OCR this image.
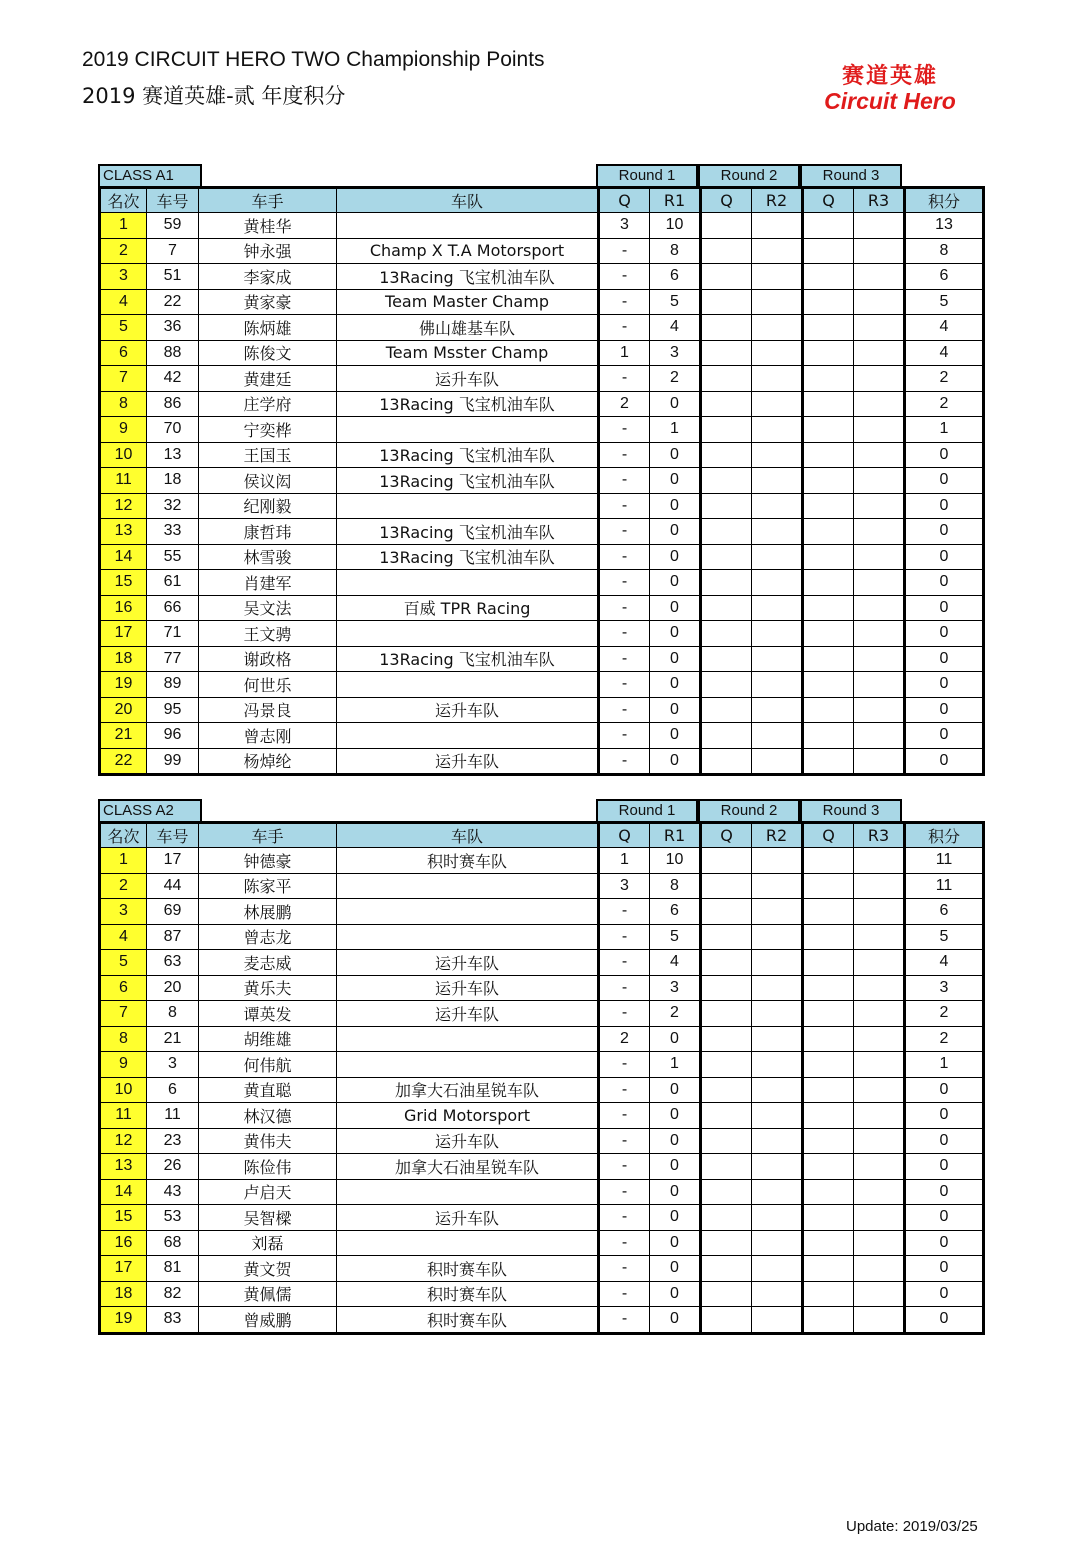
2019 CIRCUIT HERO TWO Championship Points
2019 赛道英雄-贰 年度积分
赛道英雄
Circuit Hero
CLASS A1	Round 1	Round 2	Round 3
名次	车号	车手	车队	Q	R1	Q	R2	Q	R3	积分
1	59	黄桂华		3	10					13
2	7	钟永强	Champ X T.A Motorsport	-	8					8
3	51	李家成	13Racing 飞宝机油车队	-	6					6
4	22	黄家豪	Team Master Champ	-	5					5
5	36	陈炳雄	佛山雄基车队	-	4					4
6	88	陈俊文	Team Msster Champ	1	3					4
7	42	黄建廷	运升车队	-	2					2
8	86	庄学府	13Racing 飞宝机油车队	2	0					2
9	70	宁奕桦		-	1					1
10	13	王国玉	13Racing 飞宝机油车队	-	0					0
11	18	侯议闳	13Racing 飞宝机油车队	-	0					0
12	32	纪刚毅		-	0					0
13	33	康哲玮	13Racing 飞宝机油车队	-	0					0
14	55	林雪骏	13Racing 飞宝机油车队	-	0					0
15	61	肖建军		-	0					0
16	66	吴文法	百威 TPR Racing	-	0					0
17	71	王文骋		-	0					0
18	77	谢政格	13Racing 飞宝机油车队	-	0					0
19	89	何世乐		-	0					0
20	95	冯景良	运升车队	-	0					0
21	96	曾志刚		-	0					0
22	99	杨焯纶	运升车队	-	0					0
CLASS A2	Round 1	Round 2	Round 3
名次	车号	车手	车队	Q	R1	Q	R2	Q	R3	积分
1	17	钟德豪	积时赛车队	1	10					11
2	44	陈家平		3	8					11
3	69	林展鹏		-	6					6
4	87	曾志龙		-	5					5
5	63	麦志威	运升车队	-	4					4
6	20	黄乐夫	运升车队	-	3					3
7	8	谭英发	运升车队	-	2					2
8	21	胡维雄		2	0					2
9	3	何伟航		-	1					1
10	6	黄直聪	加拿大石油星锐车队	-	0					0
11	11	林汉德	Grid Motorsport	-	0					0
12	23	黄伟夫	运升车队	-	0					0
13	26	陈俭伟	加拿大石油星锐车队	-	0					0
14	43	卢启天		-	0					0
15	53	吴智樑	运升车队	-	0					0
16	68	刘磊		-	0					0
17	81	黄文贺	积时赛车队	-	0					0
18	82	黄佩儒	积时赛车队	-	0					0
19	83	曾威鹏	积时赛车队	-	0					0
Update: 2019/03/25
